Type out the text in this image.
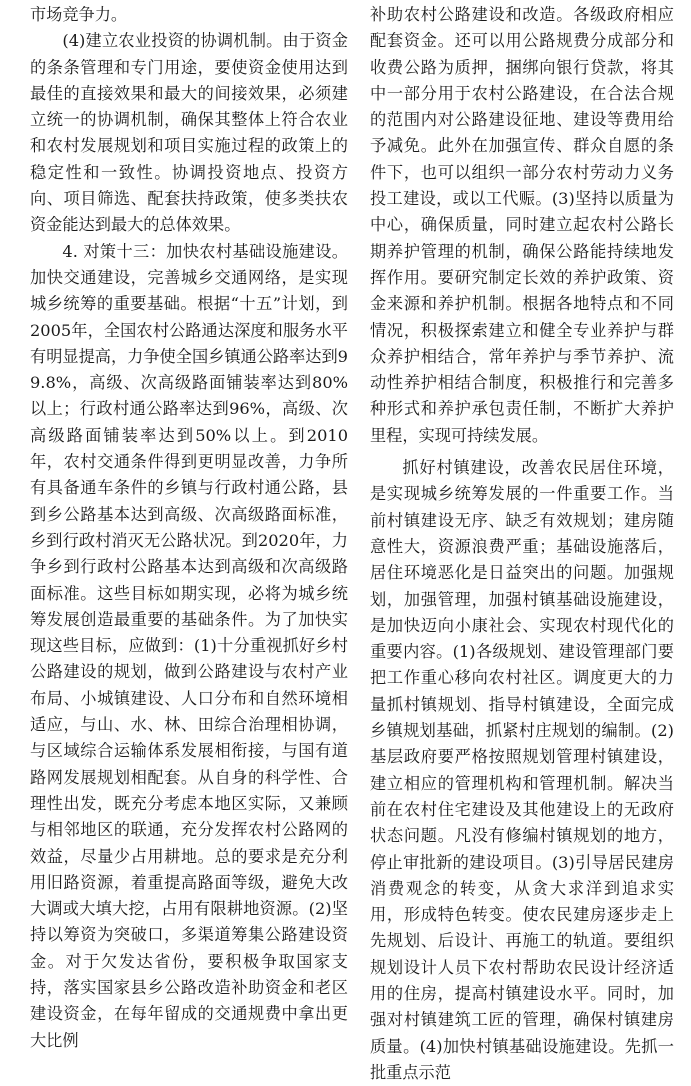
市场竞争力。

(4)建立农业投资的协调机制。由于资金的条条管理和专门用途，要使资金使用达到最佳的直接效果和最大的间接效果，必须建立统一的协调机制，确保其整体上符合农业和农村发展规划和项目实施过程的政策上的稳定性和一致性。协调投资地点、投资方向、项目筛选、配套扶持政策，使多类扶农资金能达到最大的总体效果。

4. 对策十三：加快农村基础设施建设。加快交通建设，完善城乡交通网络，是实现城乡统筹的重要基础。根据“十五”计划，到2005年，全国农村公路通达深度和服务水平有明显提高，力争使全国乡镇通公路率达到99.8%，高级、次高级路面铺装率达到80%以上；行政村通公路率达到96%，高级、次高级路面铺装率达到50%以上。到2010年，农村交通条件得到更明显改善，力争所有具备通车条件的乡镇与行政村通公路，县到乡公路基本达到高级、次高级路面标准，乡到行政村消灭无公路状况。到2020年，力争乡到行政村公路基本达到高级和次高级路面标准。这些目标如期实现，必将为城乡统筹发展创造最重要的基础条件。为了加快实现这些目标，应做到：(1)十分重视抓好乡村公路建设的规划，做到公路建设与农村产业布局、小城镇建设、人口分布和自然环境相适应，与山、水、林、田综合治理相协调，与区域综合运输体系发展相衔接，与国有道路网发展规划相配套。从自身的科学性、合理性出发，既充分考虑本地区实际，又兼顾与相邻地区的联通，充分发挥农村公路网的效益，尽量少占用耕地。总的要求是充分利用旧路资源，着重提高路面等级，避免大改大调或大填大挖，占用有限耕地资源。(2)坚持以筹资为突破口，多渠道筹集公路建设资金。对于欠发达省份，要积极争取国家支持，落实国家县乡公路改造补助资金和老区建设资金，在每年留成的交通规费中拿出更大比例

补助农村公路建设和改造。各级政府相应配套资金。还可以用公路规费分成部分和收费公路为质押，捆绑向银行贷款，将其中一部分用于农村公路建设，在合法合规的范围内对公路建设征地、建设等费用给予减免。此外在加强宣传、群众自愿的条件下，也可以组织一部分农村劳动力义务投工建设，或以工代赈。(3)坚持以质量为中心，确保质量，同时建立起农村公路长期养护管理的机制，确保公路能持续地发挥作用。要研究制定长效的养护政策、资金来源和养护机制。根据各地特点和不同情况，积极探索建立和健全专业养护与群众养护相结合，常年养护与季节养护、流动性养护相结合制度，积极推行和完善多种形式和养护承包责任制，不断扩大养护里程，实现可持续发展。

抓好村镇建设，改善农民居住环境，是实现城乡统筹发展的一件重要工作。当前村镇建设无序、缺乏有效规划；建房随意性大，资源浪费严重；基础设施落后，居住环境恶化是日益突出的问题。加强规划，加强管理，加强村镇基础设施建设，是加快迈向小康社会、实现农村现代化的重要内容。(1)各级规划、建设管理部门要把工作重心移向农村社区。调度更大的力量抓村镇规划、指导村镇建设，全面完成乡镇规划基础，抓紧村庄规划的编制。(2)基层政府要严格按照规划管理村镇建设，建立相应的管理机构和管理机制。解决当前在农村住宅建设及其他建设上的无政府状态问题。凡没有修编村镇规划的地方，停止审批新的建设项目。(3)引导居民建房消费观念的转变，从贪大求洋到追求实用，形成特色转变。使农民建房逐步走上先规划、后设计、再施工的轨道。要组织规划设计人员下农村帮助农民设计经济适用的住房，提高村镇建设水平。同时，加强对村镇建筑工匠的管理，确保村镇建房质量。(4)加快村镇基础设施建设。先抓一批重点示范
